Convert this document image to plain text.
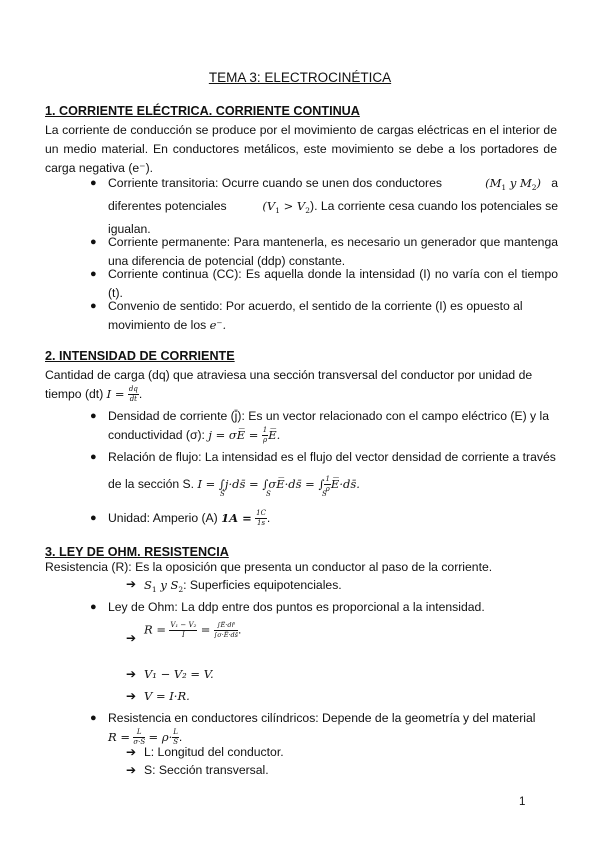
TEMA 3: ELECTROCINÉTICA
1. CORRIENTE ELÉCTRICA. CORRIENTE CONTINUA
La corriente de conducción se produce por el movimiento de cargas eléctricas en el interior de un medio material. En conductores metálicos, este movimiento se debe a los portadores de carga negativa (e⁻).
● Corriente transitoria: Ocurre cuando se unen dos conductores	($M_1$ y $M_2$) a
diferentes potenciales	$(V_1 > V_2)$. La corriente cesa cuando los potenciales se
igualan.
● Corriente permanente: Para mantenerla, es necesario un generador que mantenga una diferencia de potencial (ddp) constante.
● Corriente continua (CC): Es aquella donde la intensidad (I) no varía con el tiempo (t).
● Convenio de sentido: Por acuerdo, el sentido de la corriente (I) es opuesto al
movimiento de los e⁻.
2. INTENSIDAD DE CORRIENTE
Cantidad de carga (dq) que atraviesa una sección transversal del conductor por unidad de
tiempo (dt) $I = \frac{dq}{dt}$ .
● Densidad de corriente (j̄): Es un vector relacionado con el campo eléctrico (E) y la
conductividad (σ): j = σE̅ = $\frac{1}{\rho}$ E̅.
● Relación de flujo: La intensidad es el flujo del vector densidad de corriente a través
de la sección S. I = ∫j·ds̄ = ∫σE̅·ds̄ = ∫ $\frac{1}{\rho}$ E̅·ds̄.
S	S	S
● Unidad: Amperio (A) $1A = \frac{1C}{1s}$ .
3. LEY DE OHM. RESISTENCIA
Resistencia (R): Es la oposición que presenta un conductor al paso de la corriente.
➔ $S_1$ y $S_2$: Superficies equipotenciales.
● Ley de Ohm: La ddp entre dos puntos es proporcional a la intensidad.
➔
$R = \frac{\text{V₁ − V₂}}{I} = \frac{\int E̅\cdot dr̄}{\int\sigma\cdot E̅\cdot ds̄}$ .
➔ V₁ − V₂ = V.
➔ V = I·R.
● Resistencia en conductores cilíndricos: Depende de la geometría y del material
$R = \frac{L}{\sigma\cdot S} = \rho\cdot \frac{L}{S}$ .
➔ L: Longitud del conductor.
➔ S: Sección transversal.
1
